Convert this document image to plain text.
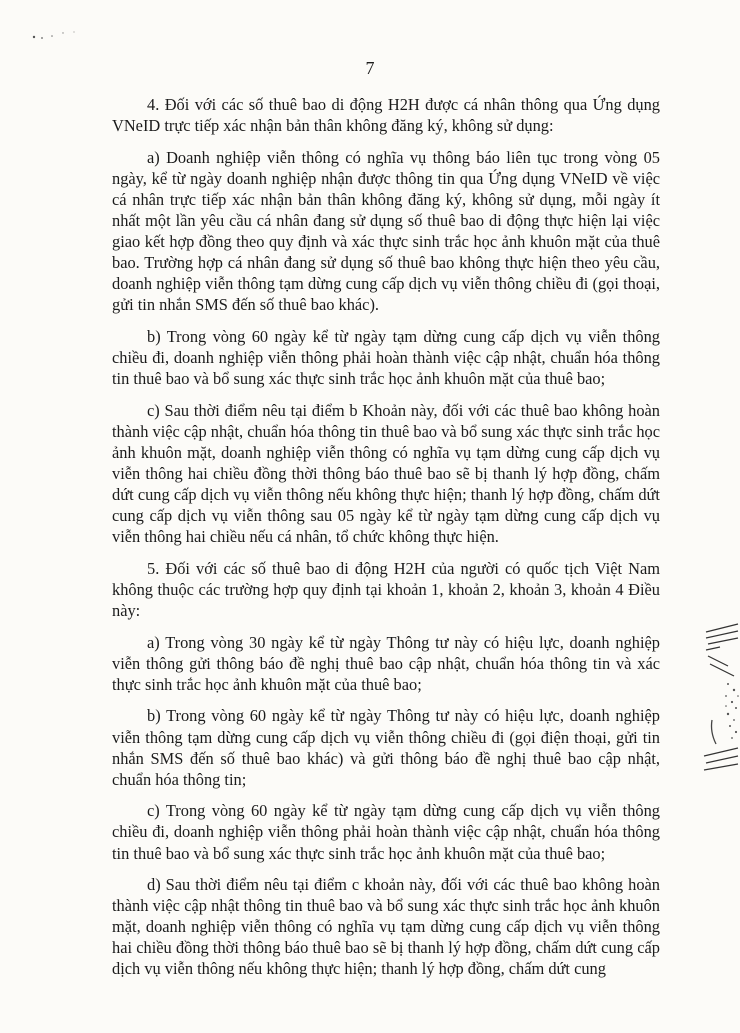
7

4. Đối với các số thuê bao di động H2H được cá nhân thông qua Ứng dụng VNeID trực tiếp xác nhận bản thân không đăng ký, không sử dụng:

a) Doanh nghiệp viễn thông có nghĩa vụ thông báo liên tục trong vòng 05 ngày, kể từ ngày doanh nghiệp nhận được thông tin qua Ứng dụng VNeID về việc cá nhân trực tiếp xác nhận bản thân không đăng ký, không sử dụng, mỗi ngày ít nhất một lần yêu cầu cá nhân đang sử dụng số thuê bao di động thực hiện lại việc giao kết hợp đồng theo quy định và xác thực sinh trắc học ảnh khuôn mặt của thuê bao. Trường hợp cá nhân đang sử dụng số thuê bao không thực hiện theo yêu cầu, doanh nghiệp viễn thông tạm dừng cung cấp dịch vụ viễn thông chiều đi (gọi thoại, gửi tin nhắn SMS đến số thuê bao khác).

b) Trong vòng 60 ngày kể từ ngày tạm dừng cung cấp dịch vụ viễn thông chiều đi, doanh nghiệp viễn thông phải hoàn thành việc cập nhật, chuẩn hóa thông tin thuê bao và bổ sung xác thực sinh trắc học ảnh khuôn mặt của thuê bao;

c) Sau thời điểm nêu tại điểm b Khoản này, đối với các thuê bao không hoàn thành việc cập nhật, chuẩn hóa thông tin thuê bao và bổ sung xác thực sinh trắc học ảnh khuôn mặt, doanh nghiệp viễn thông có nghĩa vụ tạm dừng cung cấp dịch vụ viễn thông hai chiều đồng thời thông báo thuê bao sẽ bị thanh lý hợp đồng, chấm dứt cung cấp dịch vụ viễn thông nếu không thực hiện; thanh lý hợp đồng, chấm dứt cung cấp dịch vụ viễn thông sau 05 ngày kể từ ngày tạm dừng cung cấp dịch vụ viễn thông hai chiều nếu cá nhân, tổ chức không thực hiện.

5. Đối với các số thuê bao di động H2H của người có quốc tịch Việt Nam không thuộc các trường hợp quy định tại khoản 1, khoản 2, khoản 3, khoản 4 Điều này:

a) Trong vòng 30 ngày kể từ ngày Thông tư này có hiệu lực, doanh nghiệp viễn thông gửi thông báo đề nghị thuê bao cập nhật, chuẩn hóa thông tin và xác thực sinh trắc học ảnh khuôn mặt của thuê bao;

b) Trong vòng 60 ngày kể từ ngày Thông tư này có hiệu lực, doanh nghiệp viễn thông tạm dừng cung cấp dịch vụ viễn thông chiều đi (gọi điện thoại, gửi tin nhắn SMS đến số thuê bao khác) và gửi thông báo đề nghị thuê bao cập nhật, chuẩn hóa thông tin;

c) Trong vòng 60 ngày kể từ ngày tạm dừng cung cấp dịch vụ viễn thông chiều đi, doanh nghiệp viễn thông phải hoàn thành việc cập nhật, chuẩn hóa thông tin thuê bao và bổ sung xác thực sinh trắc học ảnh khuôn mặt của thuê bao;

d) Sau thời điểm nêu tại điểm c khoản này, đối với các thuê bao không hoàn thành việc cập nhật thông tin thuê bao và bổ sung xác thực sinh trắc học ảnh khuôn mặt, doanh nghiệp viễn thông có nghĩa vụ tạm dừng cung cấp dịch vụ viễn thông hai chiều đồng thời thông báo thuê bao sẽ bị thanh lý hợp đồng, chấm dứt cung cấp dịch vụ viễn thông nếu không thực hiện; thanh lý hợp đồng, chấm dứt cung
